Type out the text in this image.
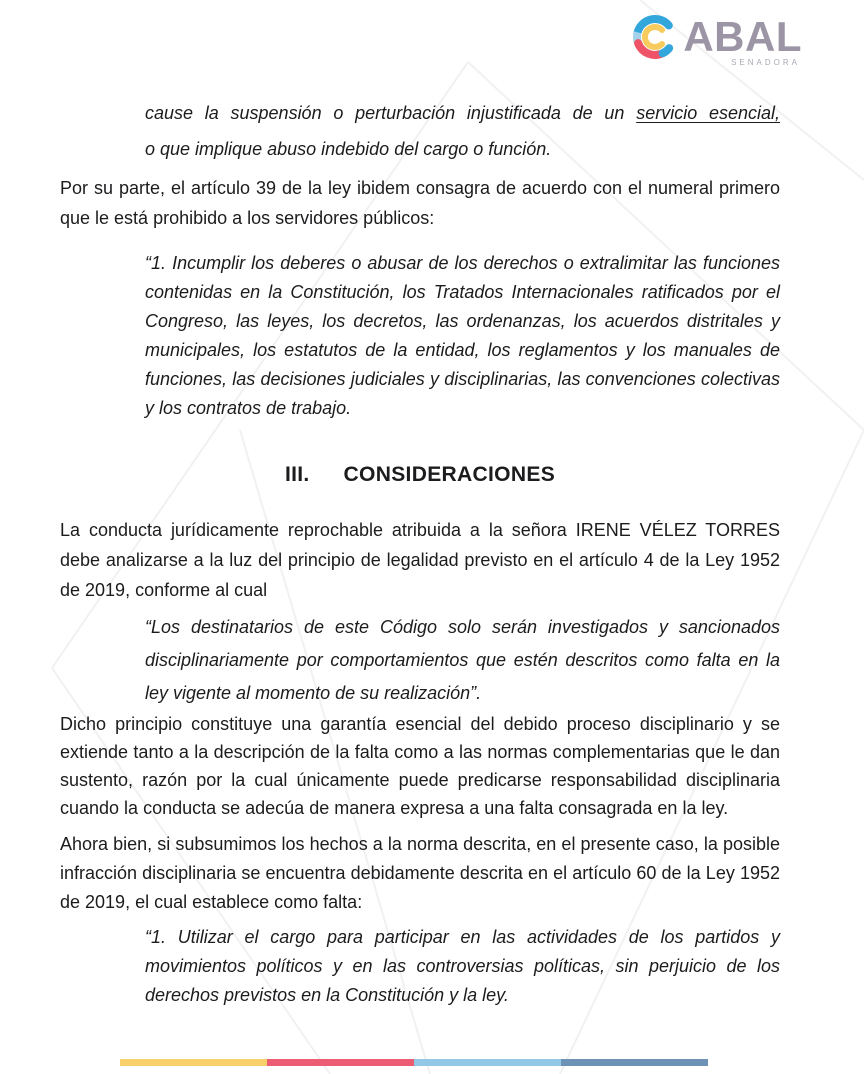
ABAL
SENADORA
cause la suspensión o perturbación injustificada de un servicio esencial,
o que implique abuso indebido del cargo o función.

Por su parte, el artículo 39 de la ley ibidem consagra de acuerdo con el numeral primero que le está prohibido a los servidores públicos:

“1. Incumplir los deberes o abusar de los derechos o extralimitar las funciones contenidas en la Constitución, los Tratados Internacionales ratificados por el Congreso, las leyes, los decretos, las ordenanzas, los acuerdos distritales y municipales, los estatutos de la entidad, los reglamentos y los manuales de funciones, las decisiones judiciales y disciplinarias, las convenciones colectivas y los contratos de trabajo.
III. CONSIDERACIONES

La conducta jurídicamente reprochable atribuida a la señora IRENE VÉLEZ TORRES debe analizarse a la luz del principio de legalidad previsto en el artículo 4 de la Ley 1952 de 2019, conforme al cual

“Los destinatarios de este Código solo serán investigados y sancionados disciplinariamente por comportamientos que estén descritos como falta en la ley vigente al momento de su realización”.

Dicho principio constituye una garantía esencial del debido proceso disciplinario y se extiende tanto a la descripción de la falta como a las normas complementarias que le dan sustento, razón por la cual únicamente puede predicarse responsabilidad disciplinaria cuando la conducta se adecúa de manera expresa a una falta consagrada en la ley.

Ahora bien, si subsumimos los hechos a la norma descrita, en el presente caso, la posible infracción disciplinaria se encuentra debidamente descrita en el artículo 60 de la Ley 1952 de 2019, el cual establece como falta:

“1. Utilizar el cargo para participar en las actividades de los partidos y movimientos políticos y en las controversias políticas, sin perjuicio de los derechos previstos en la Constitución y la ley.
